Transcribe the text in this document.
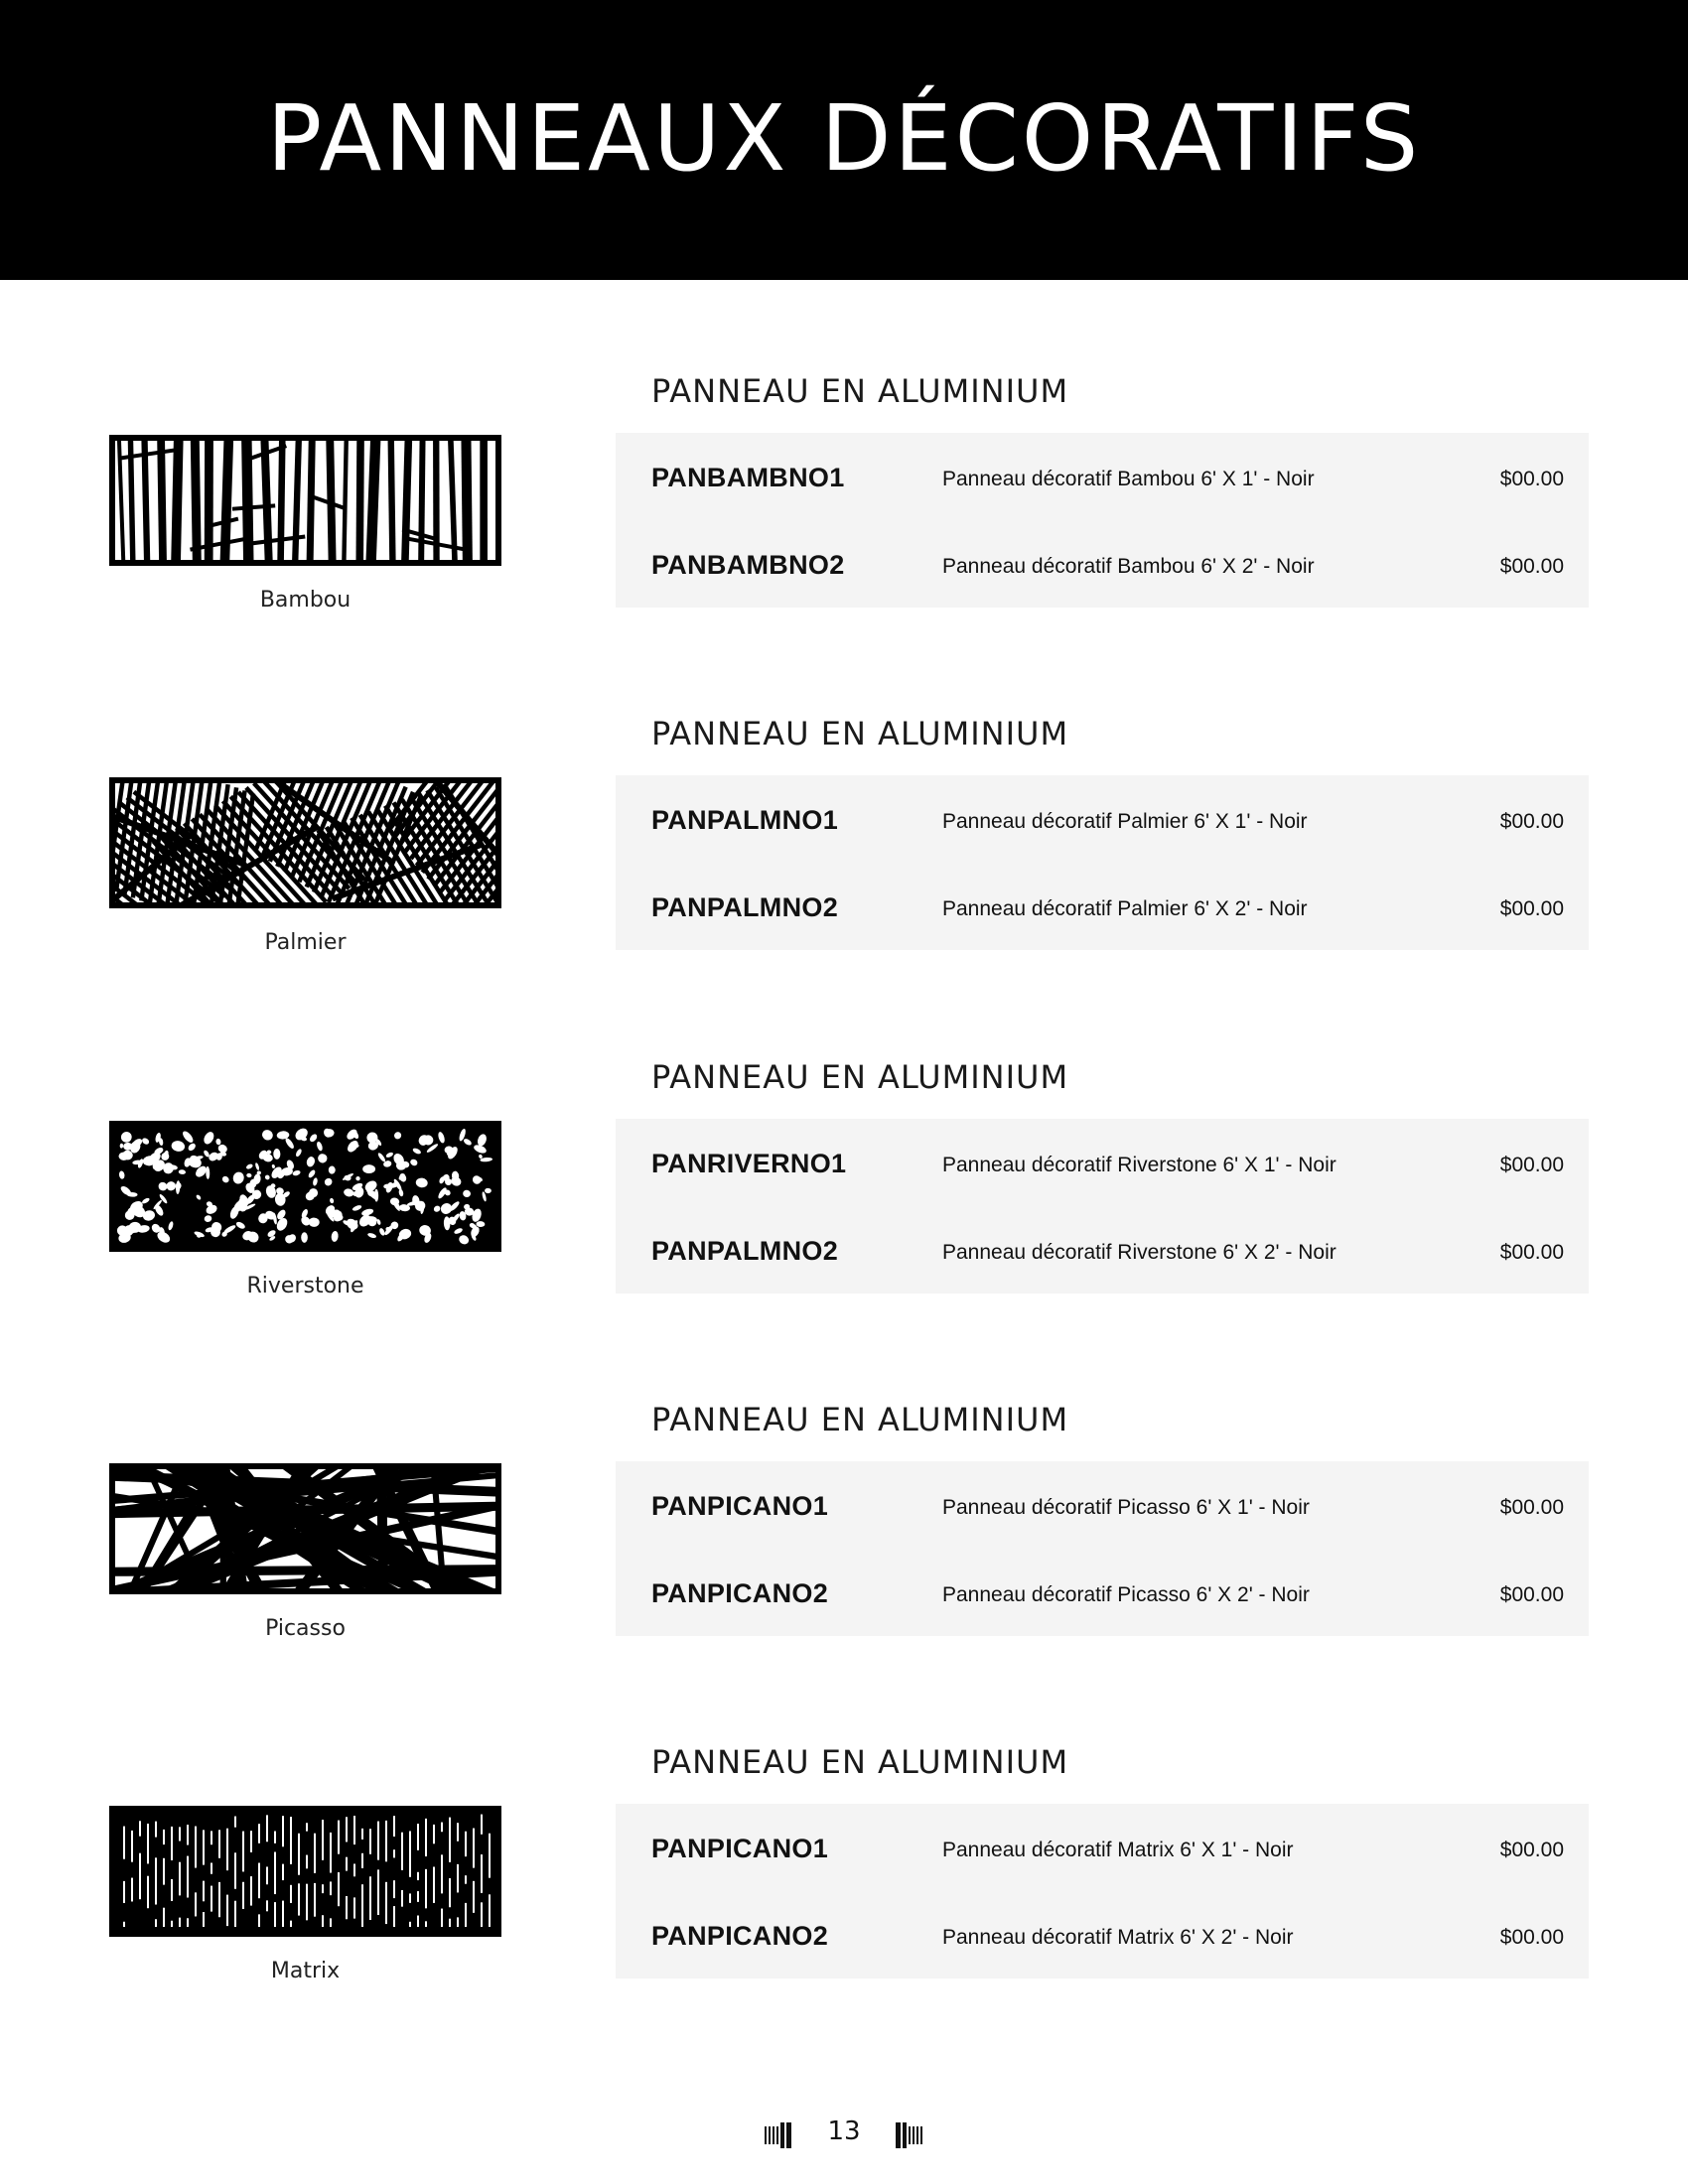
PANNEAUX DÉCORATIFS
PANNEAU EN ALUMINIUM
Bambou
PANBAMBNO1	Panneau décoratif Bambou 6' X 1' - Noir	$00.00
PANBAMBNO2	Panneau décoratif Bambou 6' X 2' - Noir	$00.00
PANNEAU EN ALUMINIUM
Palmier
PANPALMNO1	Panneau décoratif Palmier 6' X 1' - Noir	$00.00
PANPALMNO2	Panneau décoratif Palmier 6' X 2' - Noir	$00.00
PANNEAU EN ALUMINIUM
Riverstone
PANRIVERNO1	Panneau décoratif Riverstone 6' X 1' - Noir	$00.00
PANPALMNO2	Panneau décoratif Riverstone 6' X 2' - Noir	$00.00
PANNEAU EN ALUMINIUM
Picasso
PANPICANO1	Panneau décoratif Picasso 6' X 1' - Noir	$00.00
PANPICANO2	Panneau décoratif Picasso 6' X 2' - Noir	$00.00
PANNEAU EN ALUMINIUM
Matrix
PANPICANO1	Panneau décoratif Matrix 6' X 1' - Noir	$00.00
PANPICANO2	Panneau décoratif Matrix 6' X 2' - Noir	$00.00
13
